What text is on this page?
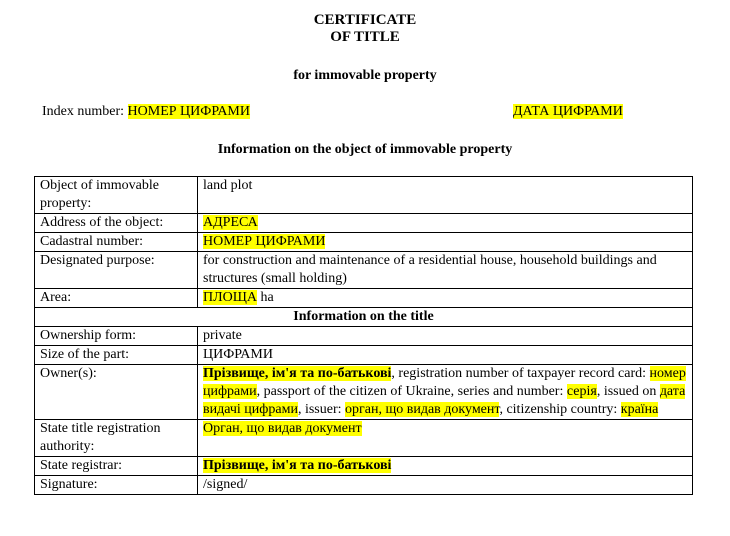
CERTIFICATE
OF TITLE
for immovable property
Index number: НОМЕР ЦИФРАМИ	ДАТА ЦИФРАМИ
Information on the object of immovable property
Object of immovable property:	land plot
Address of the object:	АДРЕСА
Cadastral number:	НОМЕР ЦИФРАМИ
Designated purpose:	for construction and maintenance of a residential house, household buildings and structures (small holding)
Area:	ПЛОЩА ha
Information on the title	
Ownership form:	private
Size of the part:	ЦИФРАМИ
Owner(s):	Прізвище, ім'я та по-батькові, registration number of taxpayer record card: номер цифрами, passport of the citizen of Ukraine, series and number: серія, issued on дата видачі цифрами, issuer: орган, що видав документ, citizenship country: країна
State title registration authority:	Орган, що видав документ
State registrar:	Прізвище, ім'я та по-батькові
Signature:	/signed/
